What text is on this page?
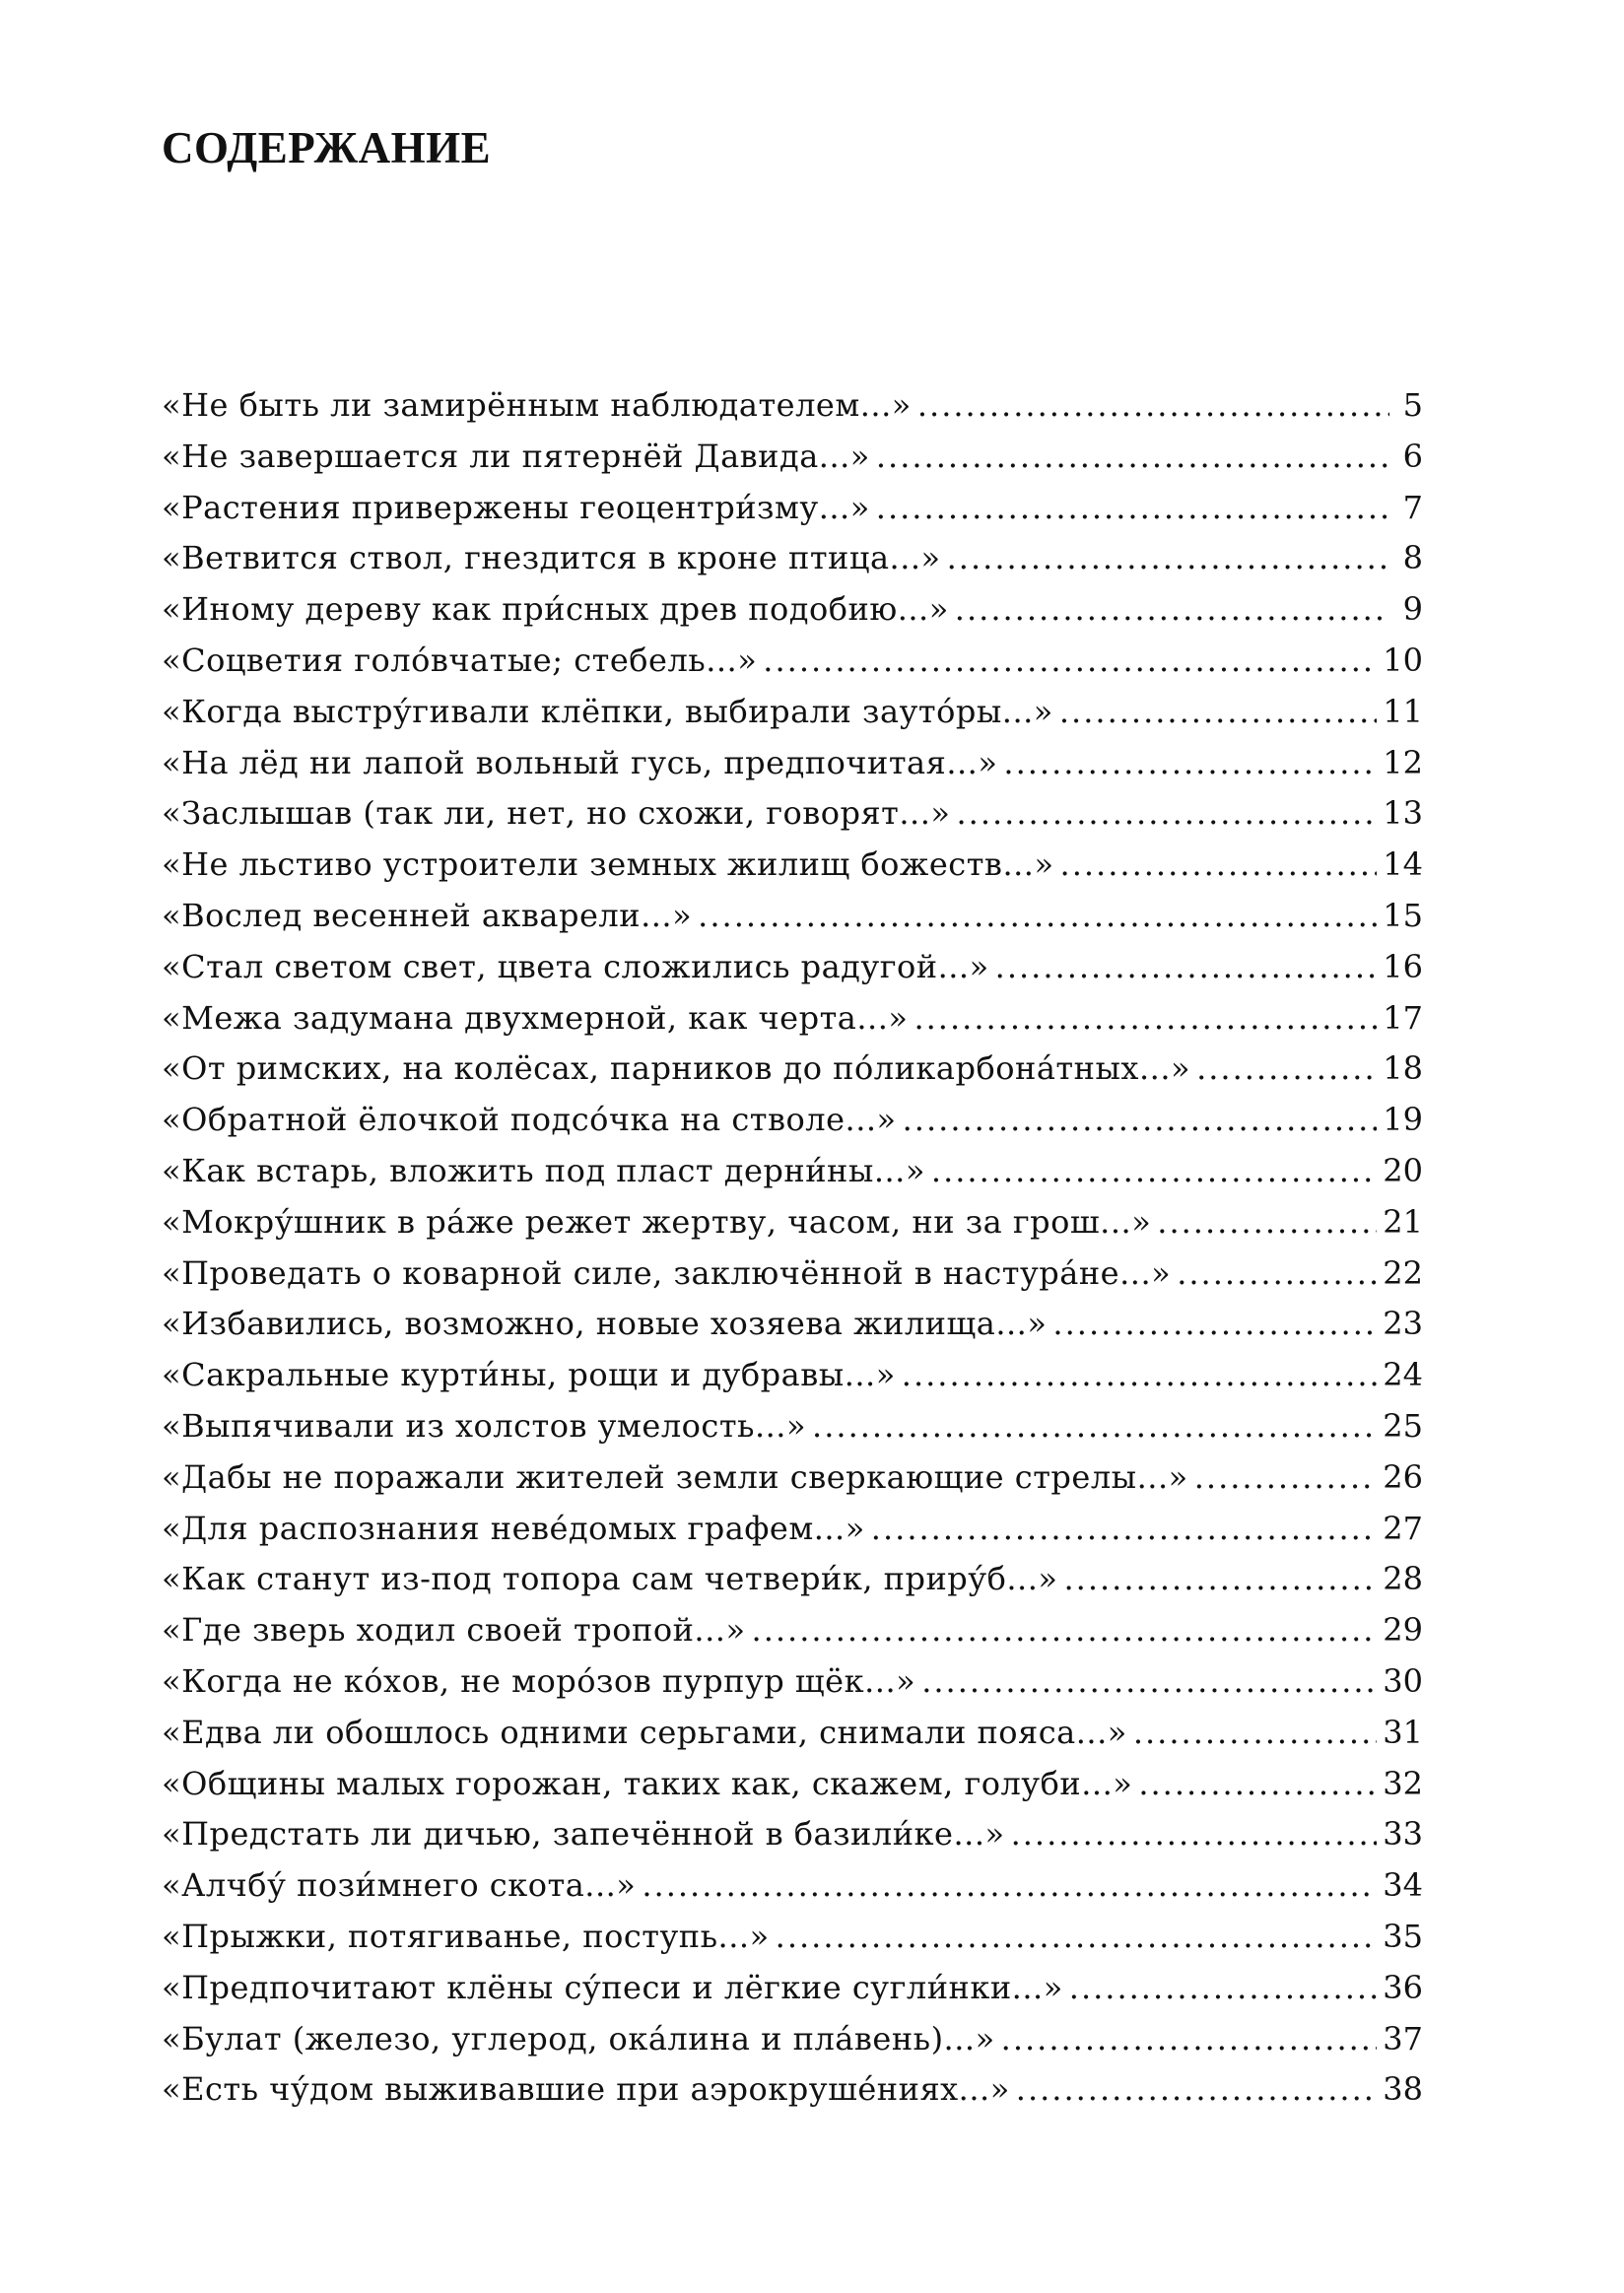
СОДЕРЖАНИЕ
«Не быть ли замирённым наблюдателем...» .....	5
«Не завершается ли пятернёй Давида...» .....	6
«Растения привержены геоцентри́зму...» .....	7
«Ветвится ствол, гнездится в кроне птица...» .....	8
«Иному дереву как при́сных древ подобию...» .....	9
«Соцветия голо́вчатые; стебель...» .....	10
«Когда выстру́гивали клёпки, выбирали зауто́ры...» .....	11
«На лёд ни лапой вольный гусь, предпочитая...» .....	12
«Заслышав (так ли, нет, но схожи, говорят...» .....	13
«Не льстиво устроители земных жилищ божеств...» .....	14
«Вослед весенней акварели...» .....	15
«Стал светом свет, цвета сложились радугой...» .....	16
«Межа задумана двухмерной, как черта...» .....	17
«От римских, на колёсах, парников до по́ликарбона́тных...» .....	18
«Обратной ёлочкой подсо́чка на стволе...» .....	19
«Как встарь, вложить под пласт дерни́ны...» .....	20
«Мокру́шник в ра́же режет жертву, часом, ни за грош...» .....	21
«Проведать о коварной силе, заключённой в настура́не...» .....	22
«Избавились, возможно, новые хозяева жилища...» .....	23
«Сакральные курти́ны, рощи и дубравы...» .....	24
«Выпячивали из холстов умелость...» .....	25
«Дабы не поражали жителей земли сверкающие стрелы...» .....	26
«Для распознания неве́домых графем...» .....	27
«Как станут из-под топора сам четвери́к, приру́б...» .....	28
«Где зверь ходил своей тропой...» .....	29
«Когда не ко́хов, не моро́зов пурпур щёк...» .....	30
«Едва ли обошлось одними серьгами, снимали пояса...» .....	31
«Общины малых горожан, таких как, скажем, голуби...» .....	32
«Предстать ли дичью, запечённой в базили́ке...» .....	33
«Алчбу́ пози́мнего скота...» .....	34
«Прыжки, потягиванье, поступь...» .....	35
«Предпочитают клёны су́песи и лёгкие сугли́нки...» .....	36
«Булат (железо, углерод, ока́лина и пла́вень)...» .....	37
«Есть чу́дом выживавшие при аэрокруше́ниях...» .....	38
